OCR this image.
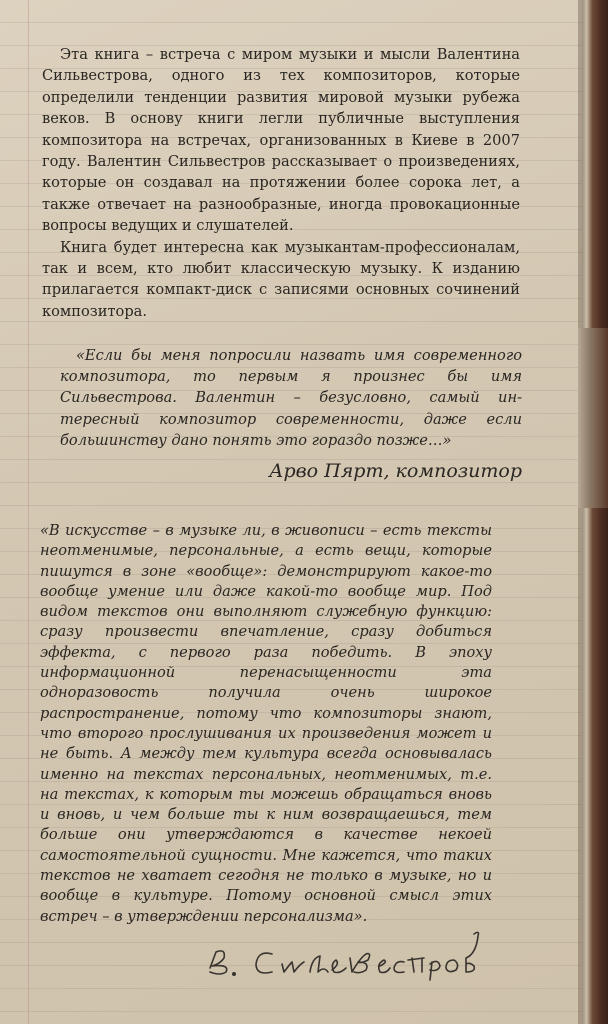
Эта книга – встреча с миром музыки и мысли Валентина Сильвестрова, одного из тех композиторов, которые определили тенденции развития мировой музыки рубежа веков. В основу книги легли публичные выступления композитора на встречах, организованных в Киеве в 2007 году. Валентин Сильвестров рассказывает о произведениях, которые он создавал на протяжении более сорока лет, а также отвечает на разнообразные, иногда провокационные вопросы ведущих и слушателей.

Книга будет интересна как музыкантам-профессионалам, так и всем, кто любит классическую музыку. К изданию прилагается компакт-диск с записями основных сочинений композитора.

«Если бы меня попросили назвать имя современного композитора, то первым я произнес бы имя Сильвестрова. Валентин – безусловно, самый ин-тересный композитор современности, даже если большинству дано понять это гораздо позже…»

Арво Пярт, композитор

«В искусстве – в музыке ли, в живописи – есть тексты неотменимые, персональные, а есть вещи, которые пишутся в зоне «вообще»: демонстрируют какое-то вообще умение или даже какой-то вообще мир. Под видом текстов они выполняют служебную функцию: сразу произвести впечатление, сразу добиться эффекта, с первого раза победить. В эпоху информационной перенасыщенности эта одноразовость получила очень широкое распространение, потому что композиторы знают, что второго прослушивания их произведения может и не быть. А между тем культура всегда основывалась именно на текстах персональных, неотменимых, т.е. на текстах, к которым ты можешь обращаться вновь и вновь, и чем больше ты к ним возвращаешься, тем больше они утверждаются в качестве некоей самостоятельной сущности. Мне кажется, что таких текстов не хватает сегодня не только в музыке, но и вообще в культуре. Потому основной смысл этих встреч – в утверждении персонализма».
